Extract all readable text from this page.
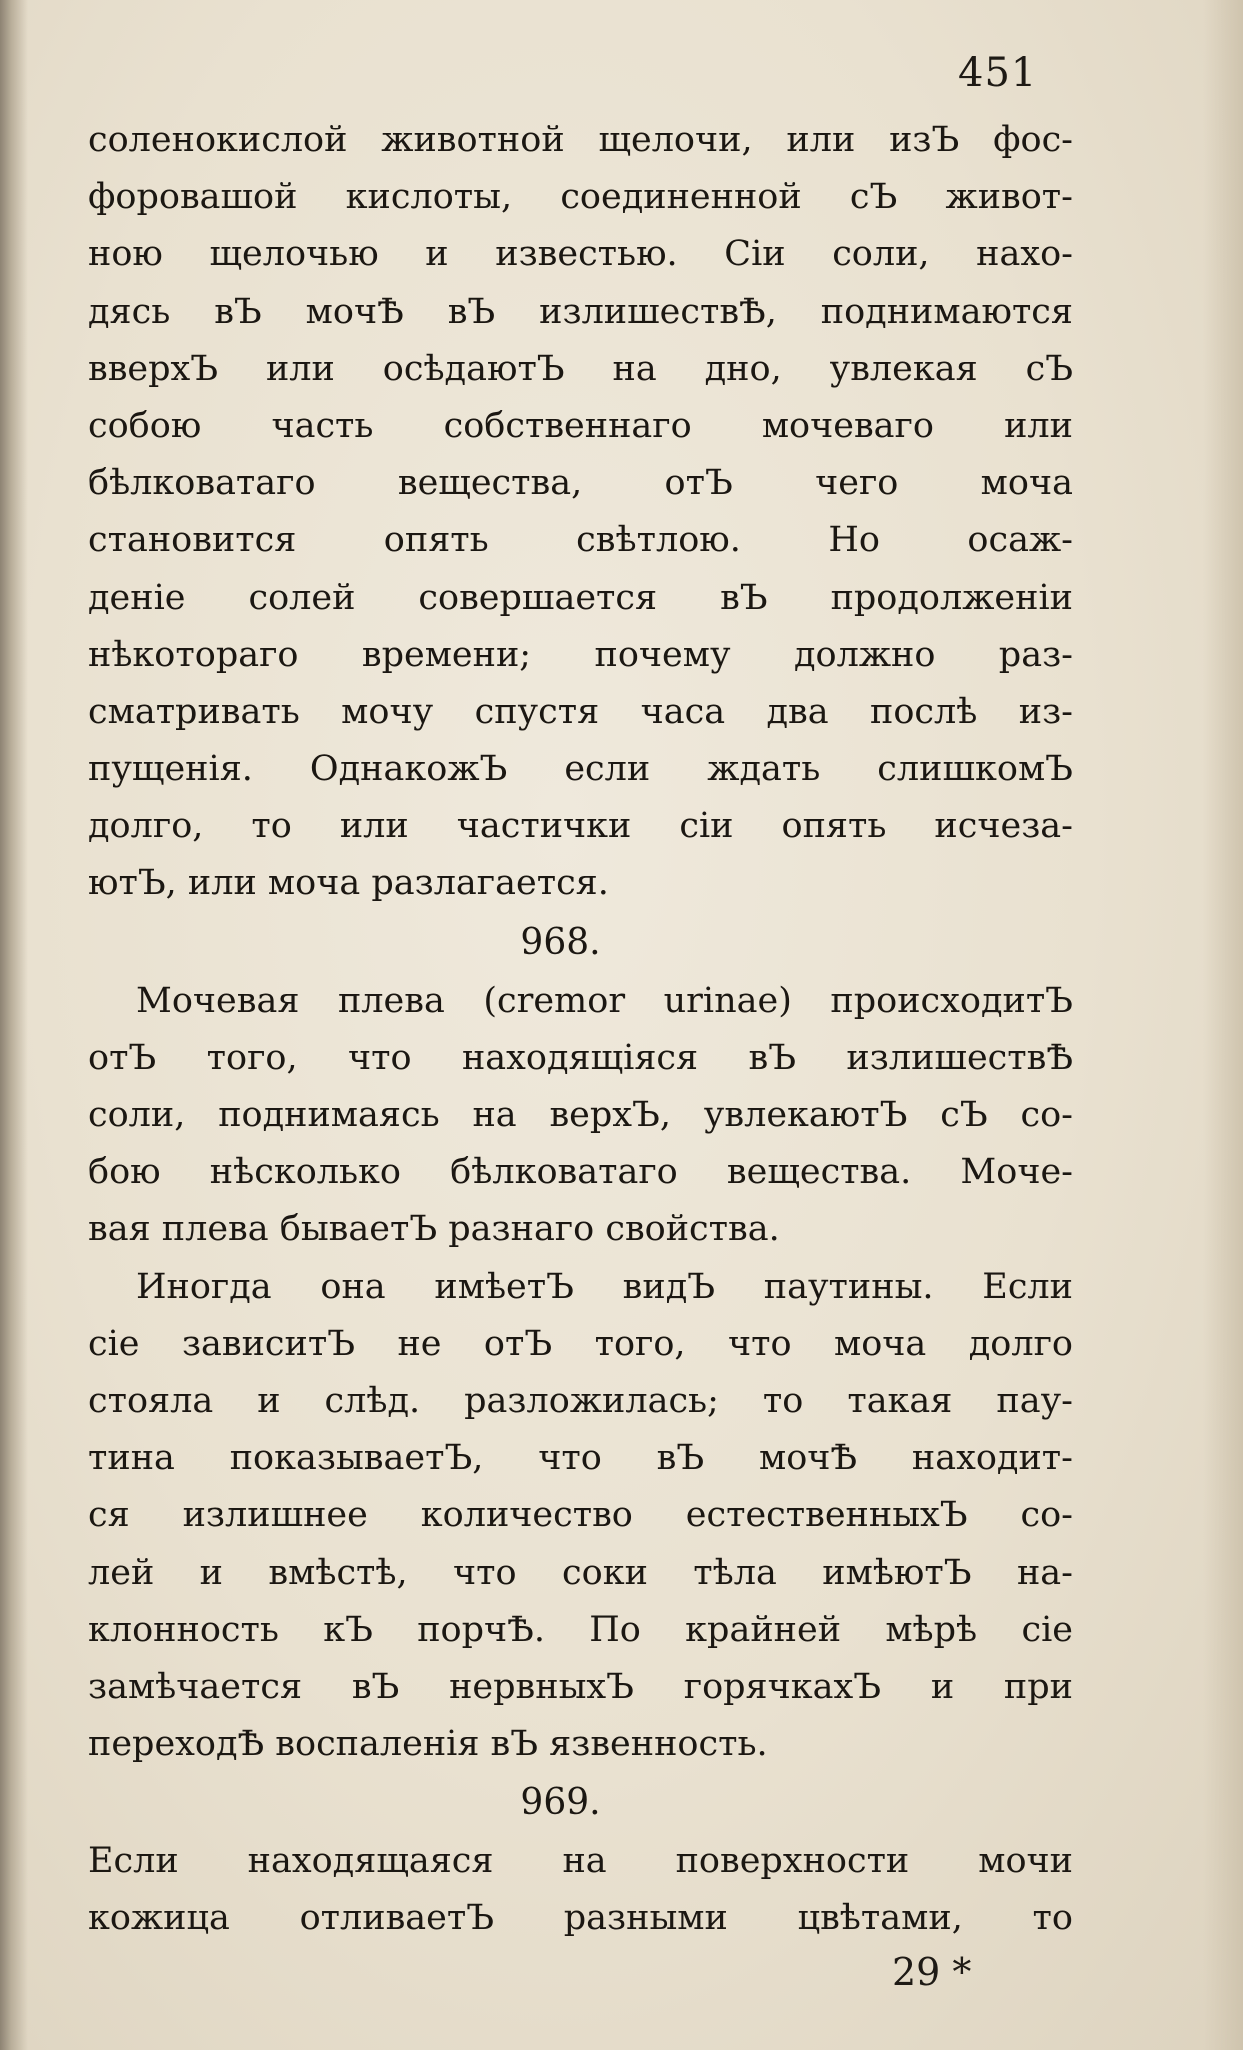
451
соленокислой животной щелочи, или изЪ фос-
форовашой кислоты, соединенной сЪ живот-
ною щелочью и известью. Сіи соли, нахо-
дясь вЪ мочѢ вЪ излишествѢ, поднимаются
вверхЪ или осѣдаютЪ на дно, увлекая сЪ
собою часть собственнаго мочеваго или
бѣлковатаго вещества, отЪ чего моча
становится опять свѣтлою. Но осаж-
деніе солей совершается вЪ продолженіи
нѣкотораго времени; почему должно раз-
сматривать мочу спустя часа два послѣ из-
пущенія. ОднакожЪ если ждать слишкомЪ
долго, то или частички сіи опять исчеза-
ютЪ, или моча разлагается.
968.
Мочевая плева (cremor urinae) происходитЪ
отЪ того, что находящіяся вЪ излишествѢ
соли, поднимаясь на верхЪ, увлекаютЪ сЪ со-
бою нѣсколько бѣлковатаго вещества. Моче-
вая плева бываетЪ разнаго свойства.
Иногда она имѣетЪ видЪ паутины. Если
сіе зависитЪ не отЪ того, что моча долго
стояла и слѣд. разложилась; то такая пау-
тина показываетЪ, что вЪ мочѢ находит-
ся излишнее количество естественныхЪ со-
лей и вмѣстѣ, что соки тѣла имѣютЪ на-
клонность кЪ порчѢ. По крайней мѣрѣ сіе
замѣчается вЪ нервныхЪ горячкахЪ и при
переходѢ воспаленія вЪ язвенность.
969.
Если находящаяся на поверхности мочи
кожица отливаетЪ разными цвѣтами, то
29 *
